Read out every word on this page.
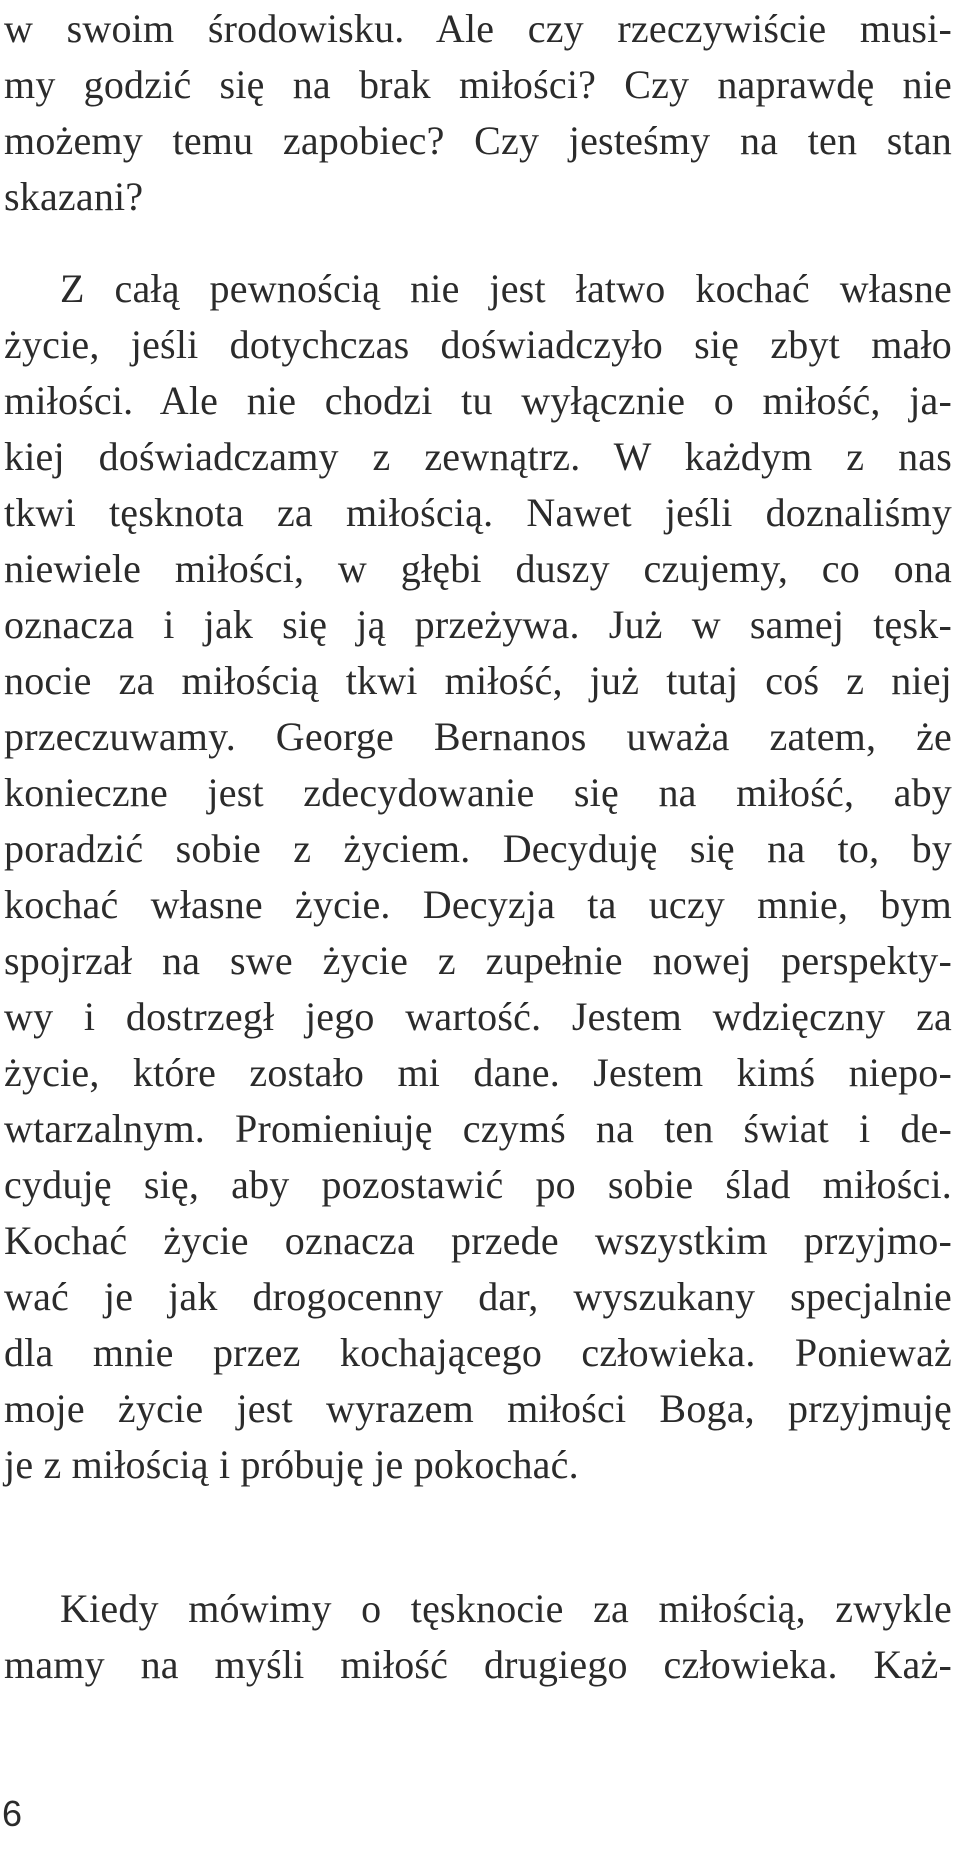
w swoim środowisku. Ale czy rzeczywiście musi-
my godzić się na brak miłości? Czy naprawdę nie
możemy temu zapobiec? Czy jesteśmy na ten stan
skazani?
Z całą pewnością nie jest łatwo kochać własne
życie, jeśli dotychczas doświadczyło się zbyt mało
miłości. Ale nie chodzi tu wyłącznie o miłość, ja-
kiej doświadczamy z zewnątrz. W każdym z nas
tkwi tęsknota za miłością. Nawet jeśli doznaliśmy
niewiele miłości, w głębi duszy czujemy, co ona
oznacza i jak się ją przeżywa. Już w samej tęsk-
nocie za miłością tkwi miłość, już tutaj coś z niej
przeczuwamy. George Bernanos uważa zatem, że
konieczne jest zdecydowanie się na miłość, aby
poradzić sobie z życiem. Decyduję się na to, by
kochać własne życie. Decyzja ta uczy mnie, bym
spojrzał na swe życie z zupełnie nowej perspekty-
wy i dostrzegł jego wartość. Jestem wdzięczny za
życie, które zostało mi dane. Jestem kimś niepo-
wtarzalnym. Promieniuję czymś na ten świat i de-
cyduję się, aby pozostawić po sobie ślad miłości.
Kochać życie oznacza przede wszystkim przyjmo-
wać je jak drogocenny dar, wyszukany specjalnie
dla mnie przez kochającego człowieka. Ponieważ
moje życie jest wyrazem miłości Boga, przyjmuję
je z miłością i próbuję je pokochać.
Kiedy mówimy o tęsknocie za miłością, zwykle
mamy na myśli miłość drugiego człowieka. Każ-
6
